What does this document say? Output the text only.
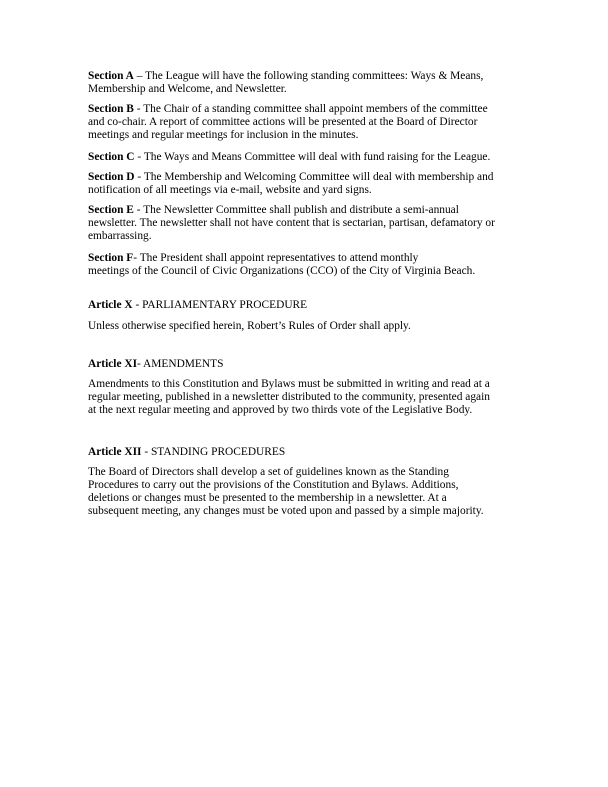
Section A – The League will have the following standing committees: Ways & Means,
Membership and Welcome, and Newsletter.
Section B - The Chair of a standing committee shall appoint members of the committee
and co-chair. A report of committee actions will be presented at the Board of Director
meetings and regular meetings for inclusion in the minutes.
Section C - The Ways and Means Committee will deal with fund raising for the League.
Section D - The Membership and Welcoming Committee will deal with membership and
notification of all meetings via e-mail, website and yard signs.
Section E - The Newsletter Committee shall publish and distribute a semi-annual
newsletter. The newsletter shall not have content that is sectarian, partisan, defamatory or
embarrassing.
Section F- The President shall appoint representatives to attend monthly
meetings of the Council of Civic Organizations (CCO) of the City of Virginia Beach.
Article X - PARLIAMENTARY PROCEDURE
Unless otherwise specified herein, Robert’s Rules of Order shall apply.
Article XI- AMENDMENTS
Amendments to this Constitution and Bylaws must be submitted in writing and read at a
regular meeting, published in a newsletter distributed to the community, presented again
at the next regular meeting and approved by two thirds vote of the Legislative Body.
Article XII - STANDING PROCEDURES
The Board of Directors shall develop a set of guidelines known as the Standing
Procedures to carry out the provisions of the Constitution and Bylaws. Additions,
deletions or changes must be presented to the membership in a newsletter. At a
subsequent meeting, any changes must be voted upon and passed by a simple majority.
